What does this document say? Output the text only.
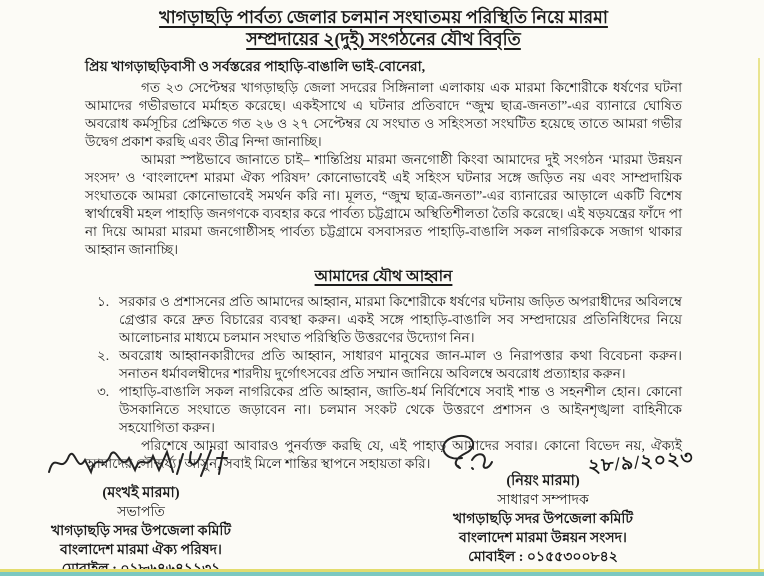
খাগড়াছড়ি পার্বত্য জেলার চলমান সংঘাতময় পরিস্থিতি নিয়ে মারমা
সম্প্রদায়ের ২(দুই) সংগঠনের যৌথ বিবৃতি

প্রিয় খাগড়াছড়িবাসী ও সর্বস্তরের পাহাড়ি-বাঙালি ভাই-বোনেরা,

গত ২৩ সেপ্টেম্বর খাগড়াছড়ি জেলা সদরের সিঙ্গিনালা এলাকায় এক মারমা কিশোরীকে ধর্ষণের ঘটনা আমাদের গভীরভাবে মর্মাহত করেছে। একইসাথে এ ঘটনার প্রতিবাদে “জুম্ম ছাত্র-জনতা”-এর ব্যানারে ঘোষিত অবরোধ কর্মসূচির প্রেক্ষিতে গত ২৬ ও ২৭ সেপ্টেম্বর যে সংঘাত ও সহিংসতা সংঘটিত হয়েছে তাতে আমরা গভীর উদ্বেগ প্রকাশ করছি এবং তীব্র নিন্দা জানাচ্ছি।

আমরা স্পষ্টভাবে জানাতে চাই– শান্তিপ্রিয় মারমা জনগোষ্ঠী কিংবা আমাদের দুই সংগঠন ‘মারমা উন্নয়ন সংসদ’ ও ‘বাংলাদেশ মারমা ঐক্য পরিষদ’ কোনোভাবেই এই সহিংস ঘটনার সঙ্গে জড়িত নয় এবং সাম্প্রদায়িক সংঘাতকে আমরা কোনোভাবেই সমর্থন করি না। মূলত, “জুম্ম ছাত্র-জনতা”-এর ব্যানারের আড়ালে একটি বিশেষ স্বার্থান্বেষী মহল পাহাড়ি জনগণকে ব্যবহার করে পার্বত্য চট্টগ্রামে অস্থিতিশীলতা তৈরি করেছে। এই ষড়যন্ত্রের ফাঁদে পা না দিয়ে আমরা মারমা জনগোষ্ঠীসহ পার্বত্য চট্টগ্রামে বসবাসরত পাহাড়ি-বাঙালি সকল নাগরিককে সজাগ থাকার আহ্বান জানাচ্ছি।

আমাদের যৌথ আহ্বান
১. সরকার ও প্রশাসনের প্রতি আমাদের আহ্বান, মারমা কিশোরীকে ধর্ষণের ঘটনায় জড়িত অপরাধীদের অবিলম্বে গ্রেপ্তার করে দ্রুত বিচারের ব্যবস্থা করুন। একই সঙ্গে পাহাড়ি-বাঙালি সব সম্প্রদায়ের প্রতিনিধিদের নিয়ে আলোচনার মাধ্যমে চলমান সংঘাত পরিস্থিতি উত্তরণের উদ্যোগ নিন।
২. অবরোধ আহ্বানকারীদের প্রতি আহ্বান, সাধারণ মানুষের জান-মাল ও নিরাপত্তার কথা বিবেচনা করুন। সনাতন ধর্মাবলম্বীদের শারদীয় দুর্গোৎসবের প্রতি সম্মান জানিয়ে অবিলম্বে অবরোধ প্রত্যাহার করুন।
৩. পাহাড়ি-বাঙালি সকল নাগরিকের প্রতি আহ্বান, জাতি-ধর্ম নির্বিশেষে সবাই শান্ত ও সহনশীল হোন। কোনো উসকানিতে সংঘাতে জড়াবেন না। চলমান সংকট থেকে উত্তরণে প্রশাসন ও আইনশৃঙ্খলা বাহিনীকে সহযোগিতা করুন।

পরিশেষে আমরা আবারও পুনর্ব্যক্ত করছি যে, এই পাহাড় আমাদের সবার। কোনো বিভেদ নয়, ঐক্যই আমাদের সৌন্দর্য্য। আসুন, সবাই মিলে শান্তির স্থাপনে সহায়তা করি।

(মংখই মারমা)
সভাপতি
খাগড়াছড়ি সদর উপজেলা কমিটি
বাংলাদেশ মারমা ঐক্য পরিষদ।
২৮/৯/২০২৩
(নিয়ং মারমা)
সাধারণ সম্পাদক
খাগড়াছড়ি সদর উপজেলা কমিটি
বাংলাদেশ মারমা উন্নয়ন সংসদ।
মোবাইল : ০১৫৫৩০০৮৪২
